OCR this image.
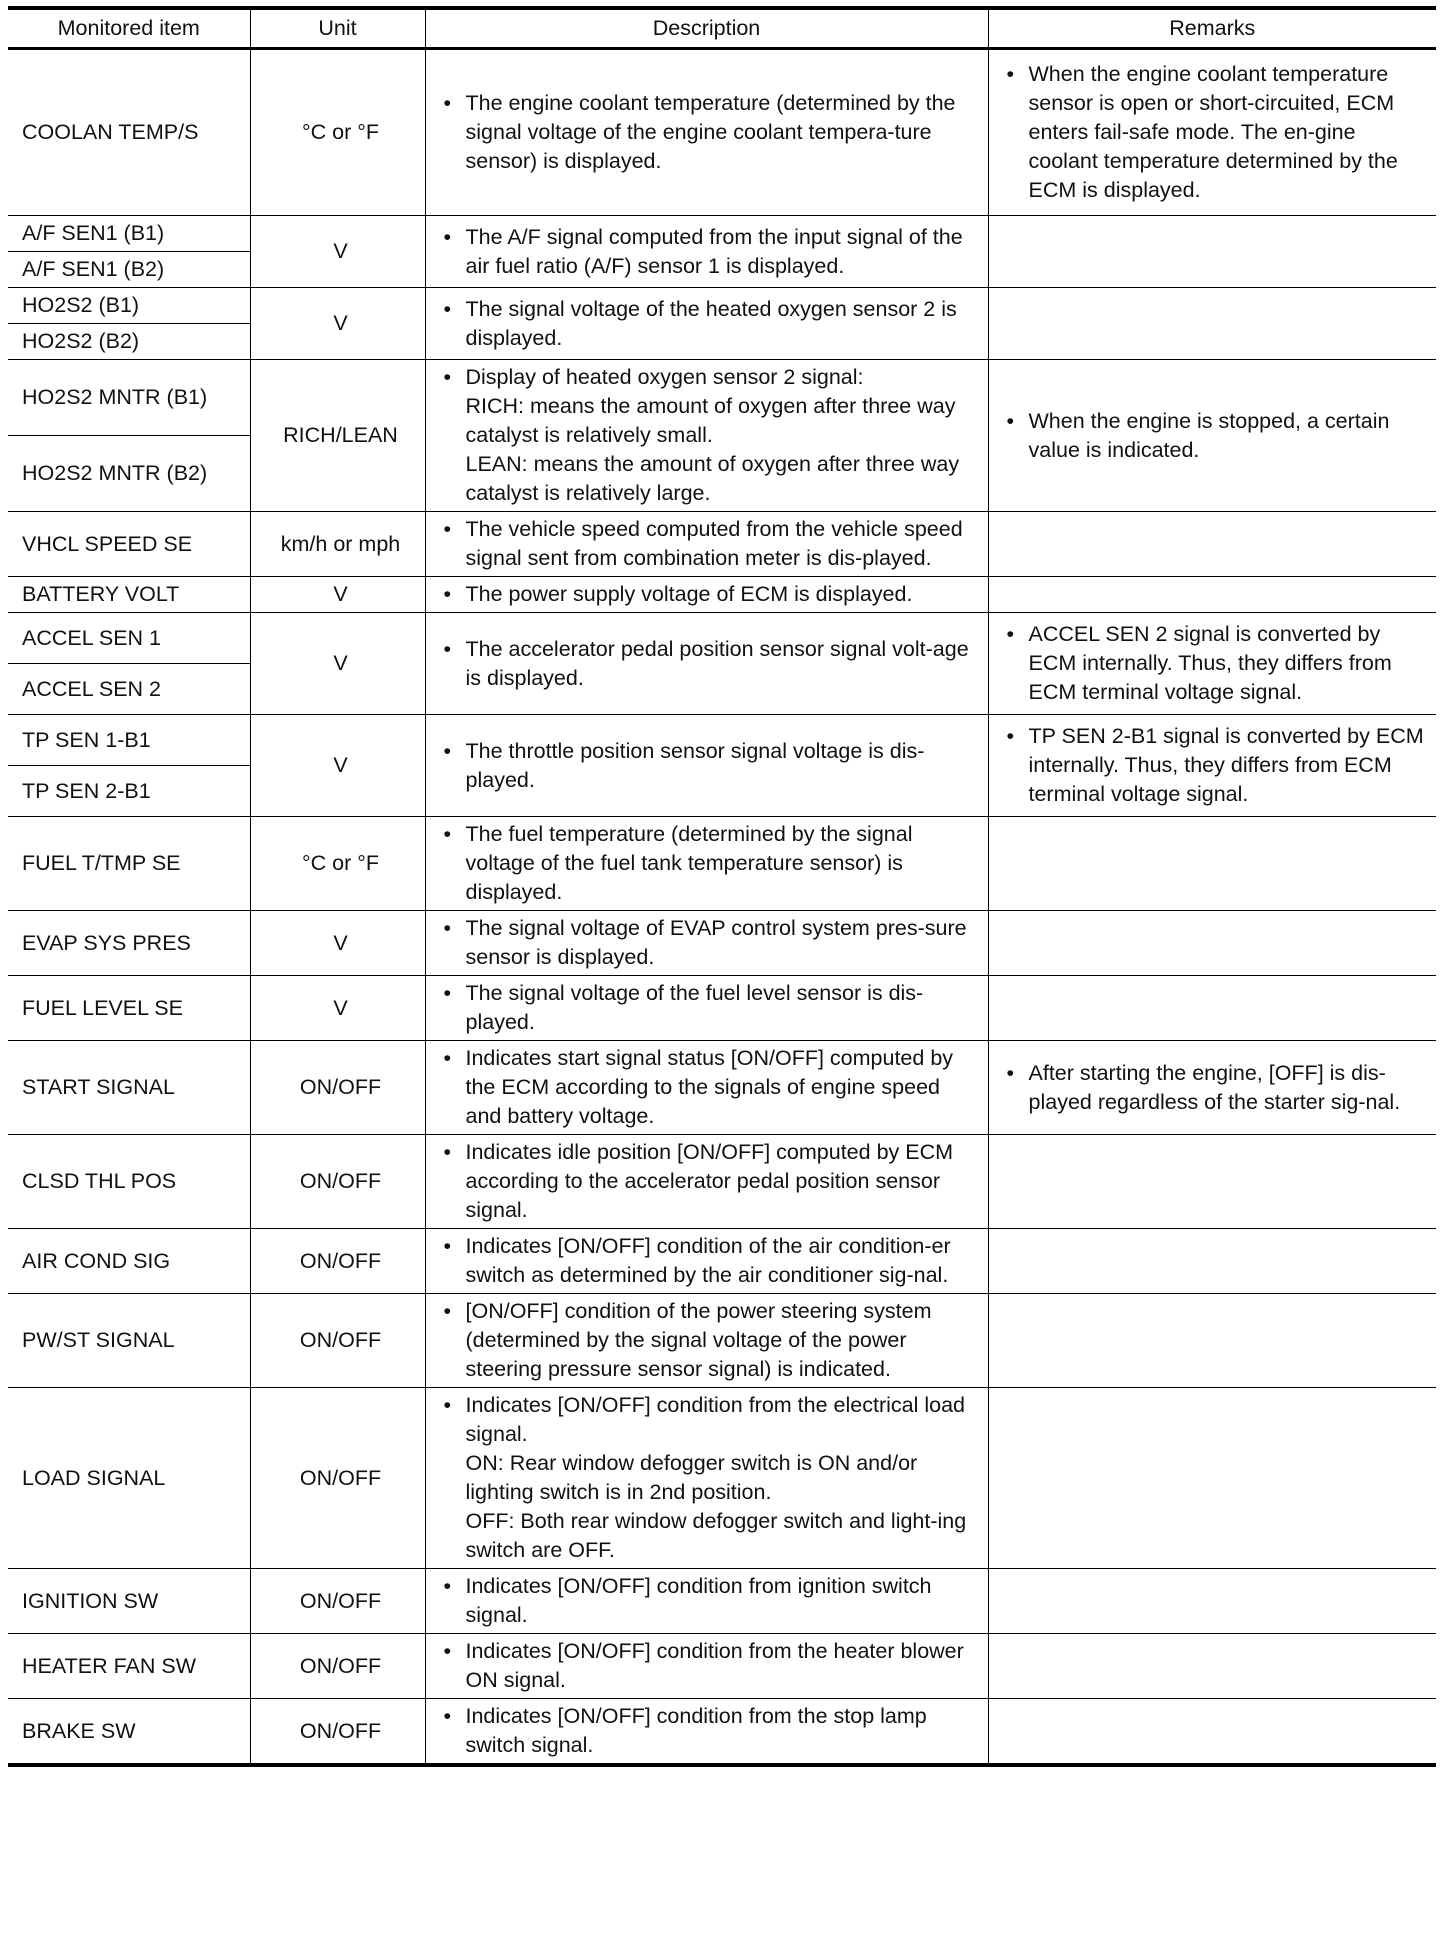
Monitored item	Unit	Description	Remarks
COOLAN TEMP/S	°C or °F	• The engine coolant temperature (determined by the signal voltage of the engine coolant tempera-ture sensor) is displayed.	• When the engine coolant temperature sensor is open or short-circuited, ECM enters fail-safe mode. The en-gine coolant temperature determined by the ECM is displayed.

A/F SEN1 (B1)	V	• The A/F signal computed from the input signal of the air fuel ratio (A/F) sensor 1 is displayed.

A/F SEN1 (B2)			
HO2S2 (B1)	V	• The signal voltage of the heated oxygen sensor 2 is displayed.

HO2S2 (B2)			
HO2S2 MNTR (B1)	RICH/LEAN	• Display of heated oxygen sensor 2 signal:
RICH: means the amount of oxygen after three way catalyst is relatively small.
LEAN: means the amount of oxygen after three way catalyst is relatively large.	• When the engine is stopped, a certain value is indicated.

HO2S2 MNTR (B2)			
VHCL SPEED SE	km/h or mph	• The vehicle speed computed from the vehicle speed signal sent from combination meter is dis-played.

BATTERY VOLT	V	• The power supply voltage of ECM is displayed.

ACCEL SEN 1	V	• The accelerator pedal position sensor signal volt-age is displayed.	• ACCEL SEN 2 signal is converted by ECM internally. Thus, they differs from ECM terminal voltage signal.

ACCEL SEN 2			
TP SEN 1-B1	V	• The throttle position sensor signal voltage is dis-played.	• TP SEN 2-B1 signal is converted by ECM internally. Thus, they differs from ECM terminal voltage signal.

TP SEN 2-B1			
FUEL T/TMP SE	°C or °F	• The fuel temperature (determined by the signal voltage of the fuel tank temperature sensor) is displayed.

EVAP SYS PRES	V	• The signal voltage of EVAP control system pres-sure sensor is displayed.

FUEL LEVEL SE	V	• The signal voltage of the fuel level sensor is dis-played.

START SIGNAL	ON/OFF	• Indicates start signal status [ON/OFF] computed by the ECM according to the signals of engine speed and battery voltage.	• After starting the engine, [OFF] is dis-played regardless of the starter sig-nal.

CLSD THL POS	ON/OFF	• Indicates idle position [ON/OFF] computed by ECM according to the accelerator pedal position sensor signal.

AIR COND SIG	ON/OFF	• Indicates [ON/OFF] condition of the air condition-er switch as determined by the air conditioner sig-nal.

PW/ST SIGNAL	ON/OFF	• [ON/OFF] condition of the power steering system (determined by the signal voltage of the power steering pressure sensor signal) is indicated.

LOAD SIGNAL	ON/OFF	• Indicates [ON/OFF] condition from the electrical load signal.
ON: Rear window defogger switch is ON and/or lighting switch is in 2nd position.
OFF: Both rear window defogger switch and light-ing switch are OFF.

IGNITION SW	ON/OFF	• Indicates [ON/OFF] condition from ignition switch signal.

HEATER FAN SW	ON/OFF	• Indicates [ON/OFF] condition from the heater blower ON signal.

BRAKE SW	ON/OFF	• Indicates [ON/OFF] condition from the stop lamp switch signal.
